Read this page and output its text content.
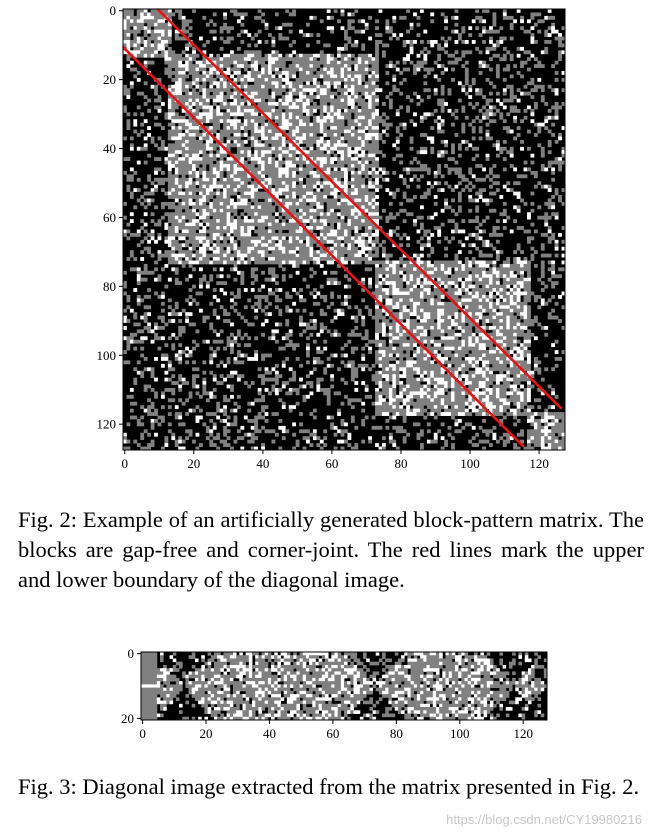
0	20	40	60	80	100	120
0
20
40
60
80
100
120
Fig. 2: Example of an artificially generated block-pattern matrix. The blocks are gap-free and corner-joint. The red lines mark the upper and lower boundary of the diagonal image.
0	20	40	60	80	100	120
0
20
Fig. 3: Diagonal image extracted from the matrix presented in Fig. 2.
https://blog.csdn.net/CY19980216
